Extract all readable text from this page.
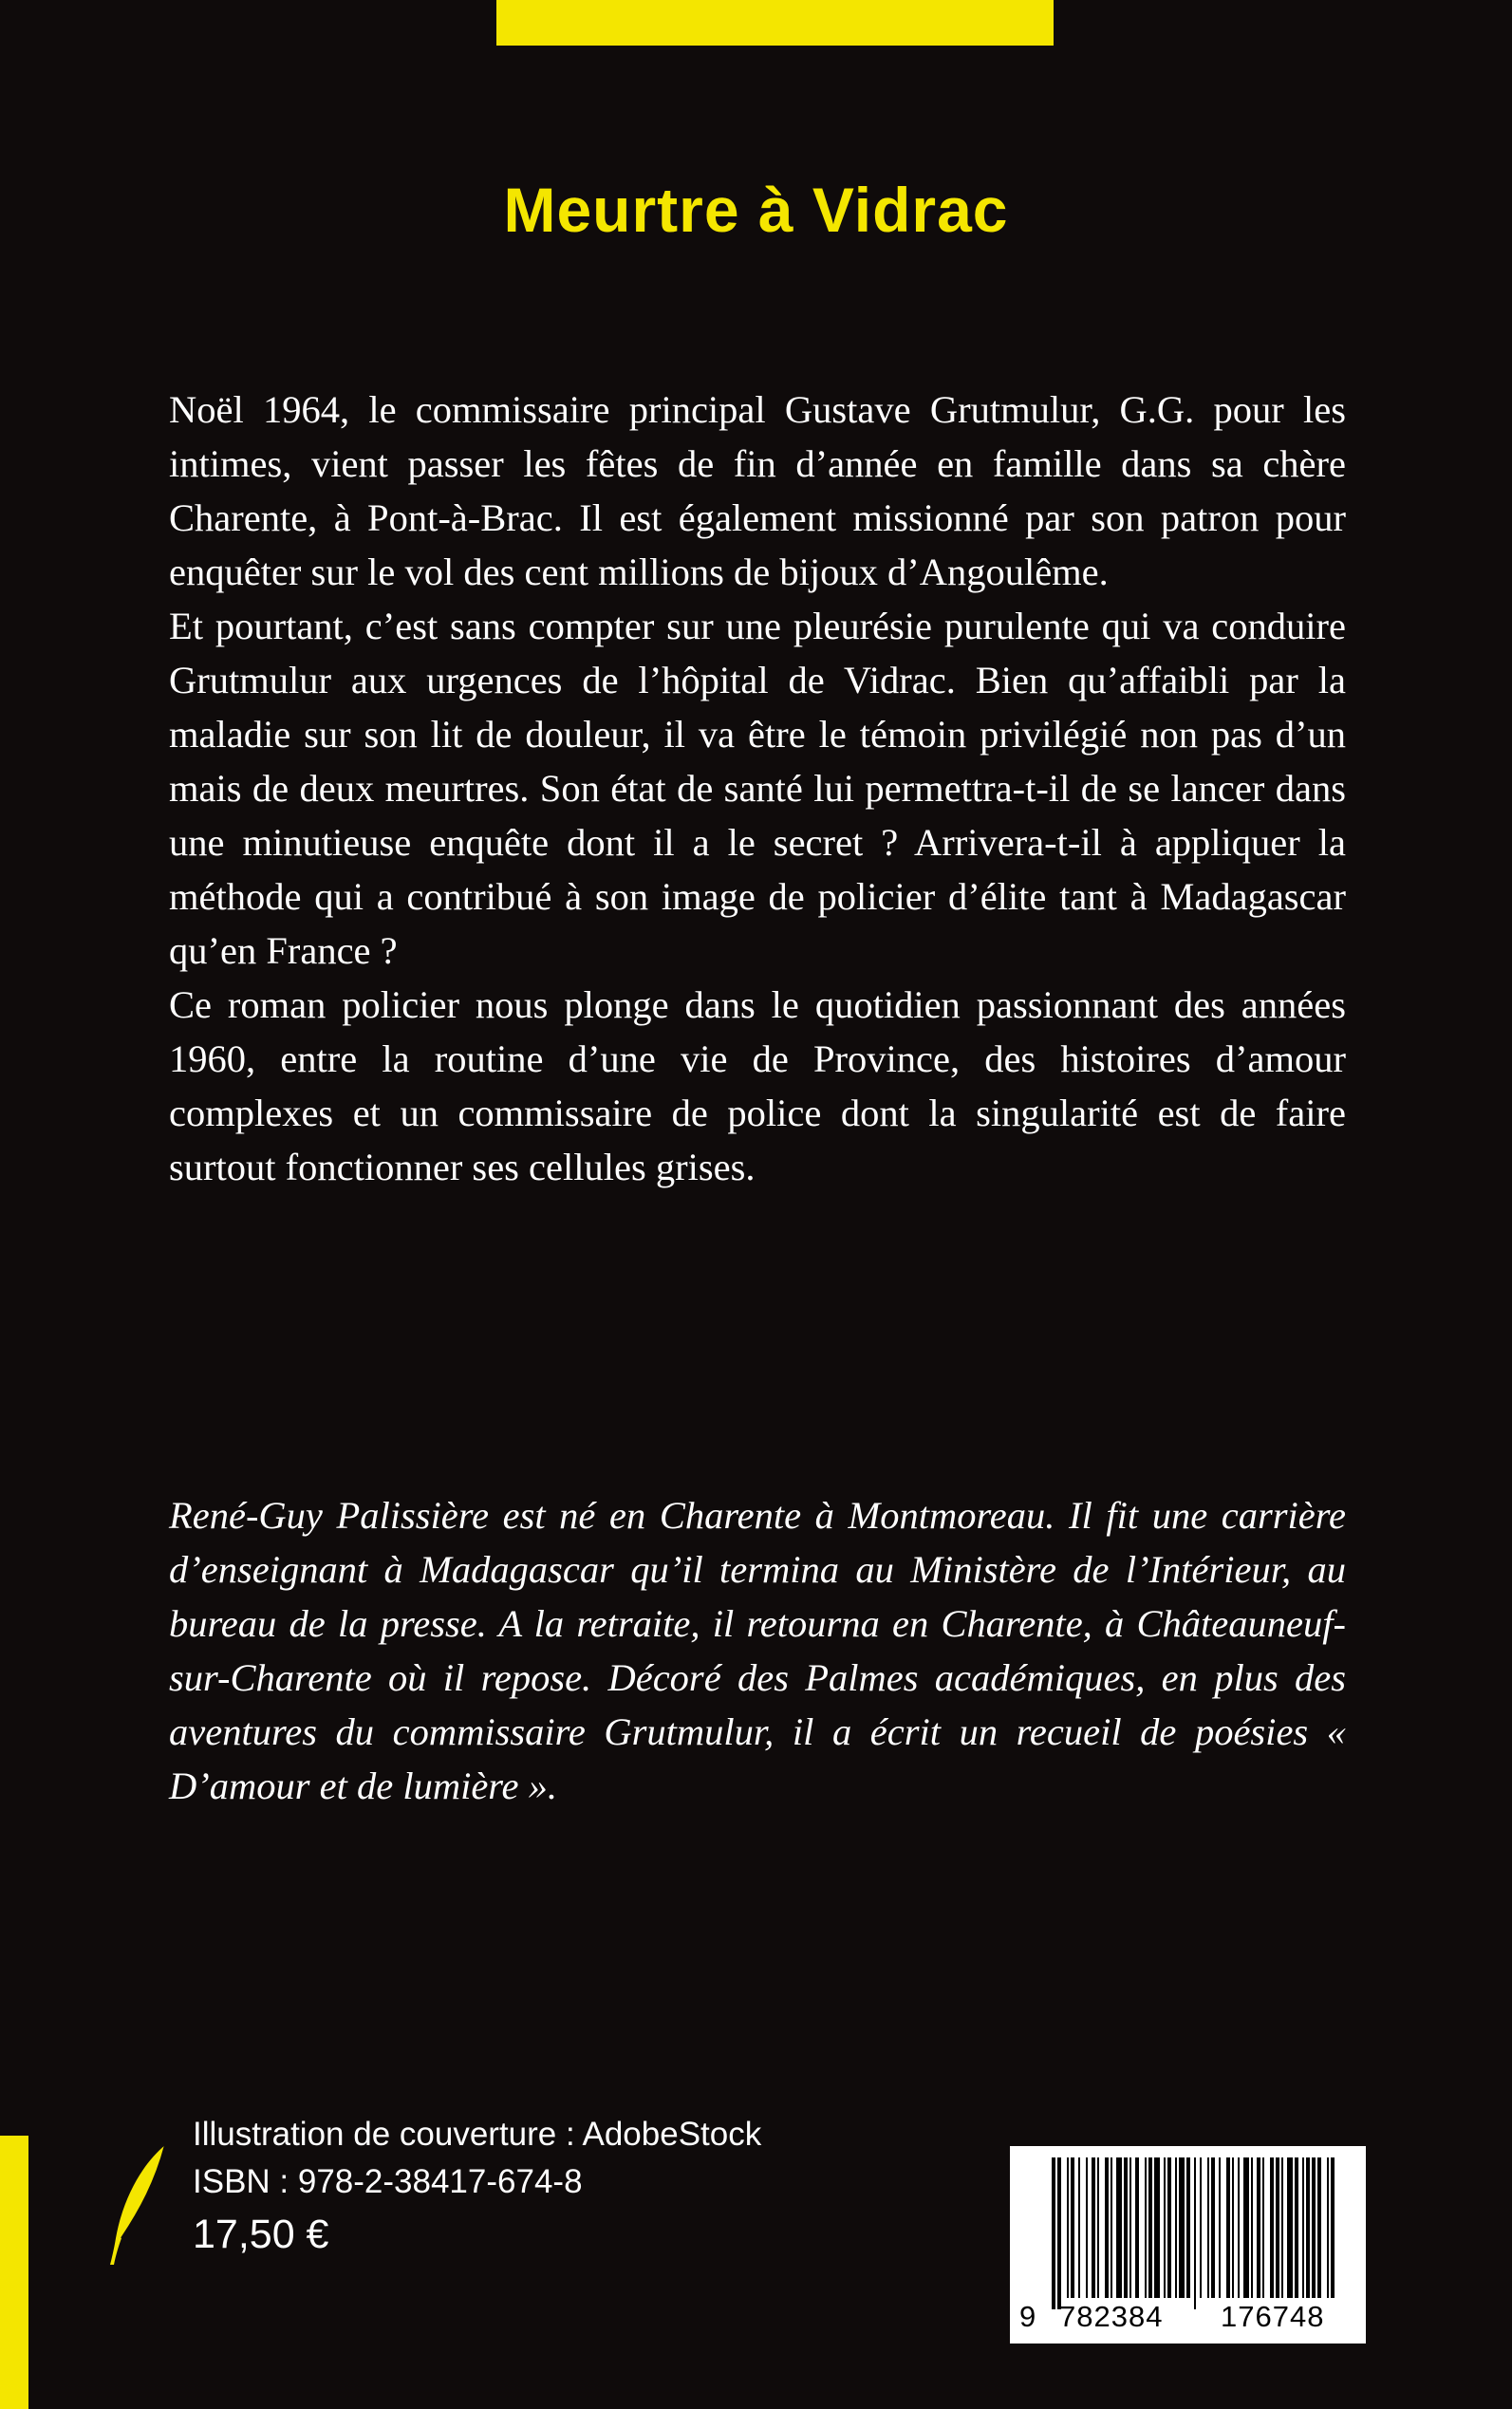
Meurtre à Vidrac

Noël 1964, le commissaire principal Gustave Grutmulur, G.G. pour les intimes, vient passer les fêtes de fin d’année en famille dans sa chère Charente, à Pont-à-Brac. Il est également missionné par son patron pour enquêter sur le vol des cent millions de bijoux d’Angoulême.

Et pourtant, c’est sans compter sur une pleurésie purulente qui va conduire Grutmulur aux urgences de l’hôpital de Vidrac. Bien qu’affaibli par la maladie sur son lit de douleur, il va être le témoin privilégié non pas d’un mais de deux meurtres. Son état de santé lui permettra-t-il de se lancer dans une minutieuse enquête dont il a le secret ? Arrivera-t-il à appliquer la méthode qui a contribué à son image de policier d’élite tant à Madagascar qu’en France ?

Ce roman policier nous plonge dans le quotidien passionnant des années 1960, entre la routine d’une vie de Province, des histoires d’amour complexes et un commissaire de police dont la singularité est de faire surtout fonctionner ses cellules grises.

René-Guy Palissière est né en Charente à Montmoreau. Il fit une carrière d’enseignant à Madagascar qu’il termina au Ministère de l’Intérieur, au bureau de la presse. A la retraite, il retourna en Charente, à Châteauneuf-sur-Charente où il repose. Décoré des Palmes académiques, en plus des aventures du commissaire Grutmulur, il a écrit un recueil de poésies « D’amour et de lumière ».

Illustration de couverture : AdobeStock
ISBN : 978-2-38417-674-8
17,50 €
9 782384 176748
